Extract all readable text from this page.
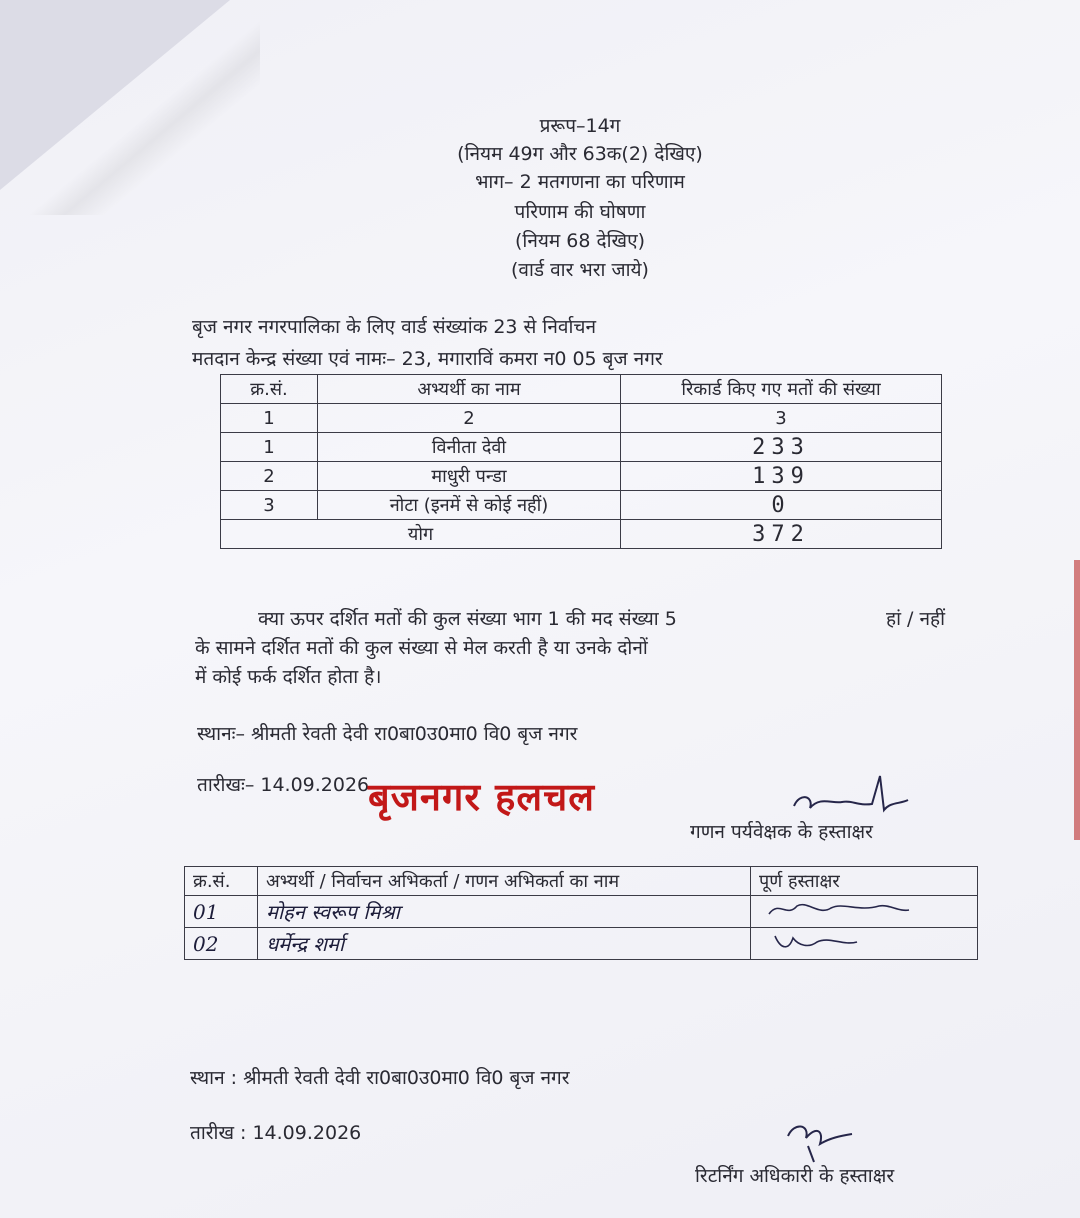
प्ररूप–14ग
(नियम 49ग और 63क(2) देखिए)
भाग– 2 मतगणना का परिणाम
परिणाम की घोषणा
(नियम 68 देखिए)
(वार्ड वार भरा जाये)
बृज नगर नगरपालिका के लिए वार्ड संख्यांक 23 से निर्वाचन
मतदान केन्द्र संख्या एवं नामः– 23, मगाराविं कमरा न0 05 बृज नगर
क्र.सं.	अभ्यर्थी का नाम	रिकार्ड किए गए मतों की संख्या
1	2	3
1	विनीता देवी	233
2	माधुरी पन्डा	139
3	नोटा (इनमें से कोई नहीं)	0
योग		372
क्या ऊपर दर्शित मतों की कुल संख्या भाग 1 की मद संख्या 5	हां / नहीं
के सामने दर्शित मतों की कुल संख्या से मेल करती है या उनके दोनों
में कोई फर्क दर्शित होता है।
स्थानः– श्रीमती रेवती देवी रा0बा0उ0मा0 वि0 बृज नगर
तारीखः– 14.09.2026
बृजनगर हलचल
गणन पर्यवेक्षक के हस्ताक्षर
क्र.सं.	अभ्यर्थी / निर्वाचन अभिकर्ता / गणन अभिकर्ता का नाम	पूर्ण हस्ताक्षर
01	मोहन स्वरूप मिश्रा	
02	धर्मेन्द्र शर्मा	
स्थान : श्रीमती रेवती देवी रा0बा0उ0मा0 वि0 बृज नगर
तारीख : 14.09.2026
रिटर्निंग अधिकारी के हस्ताक्षर
